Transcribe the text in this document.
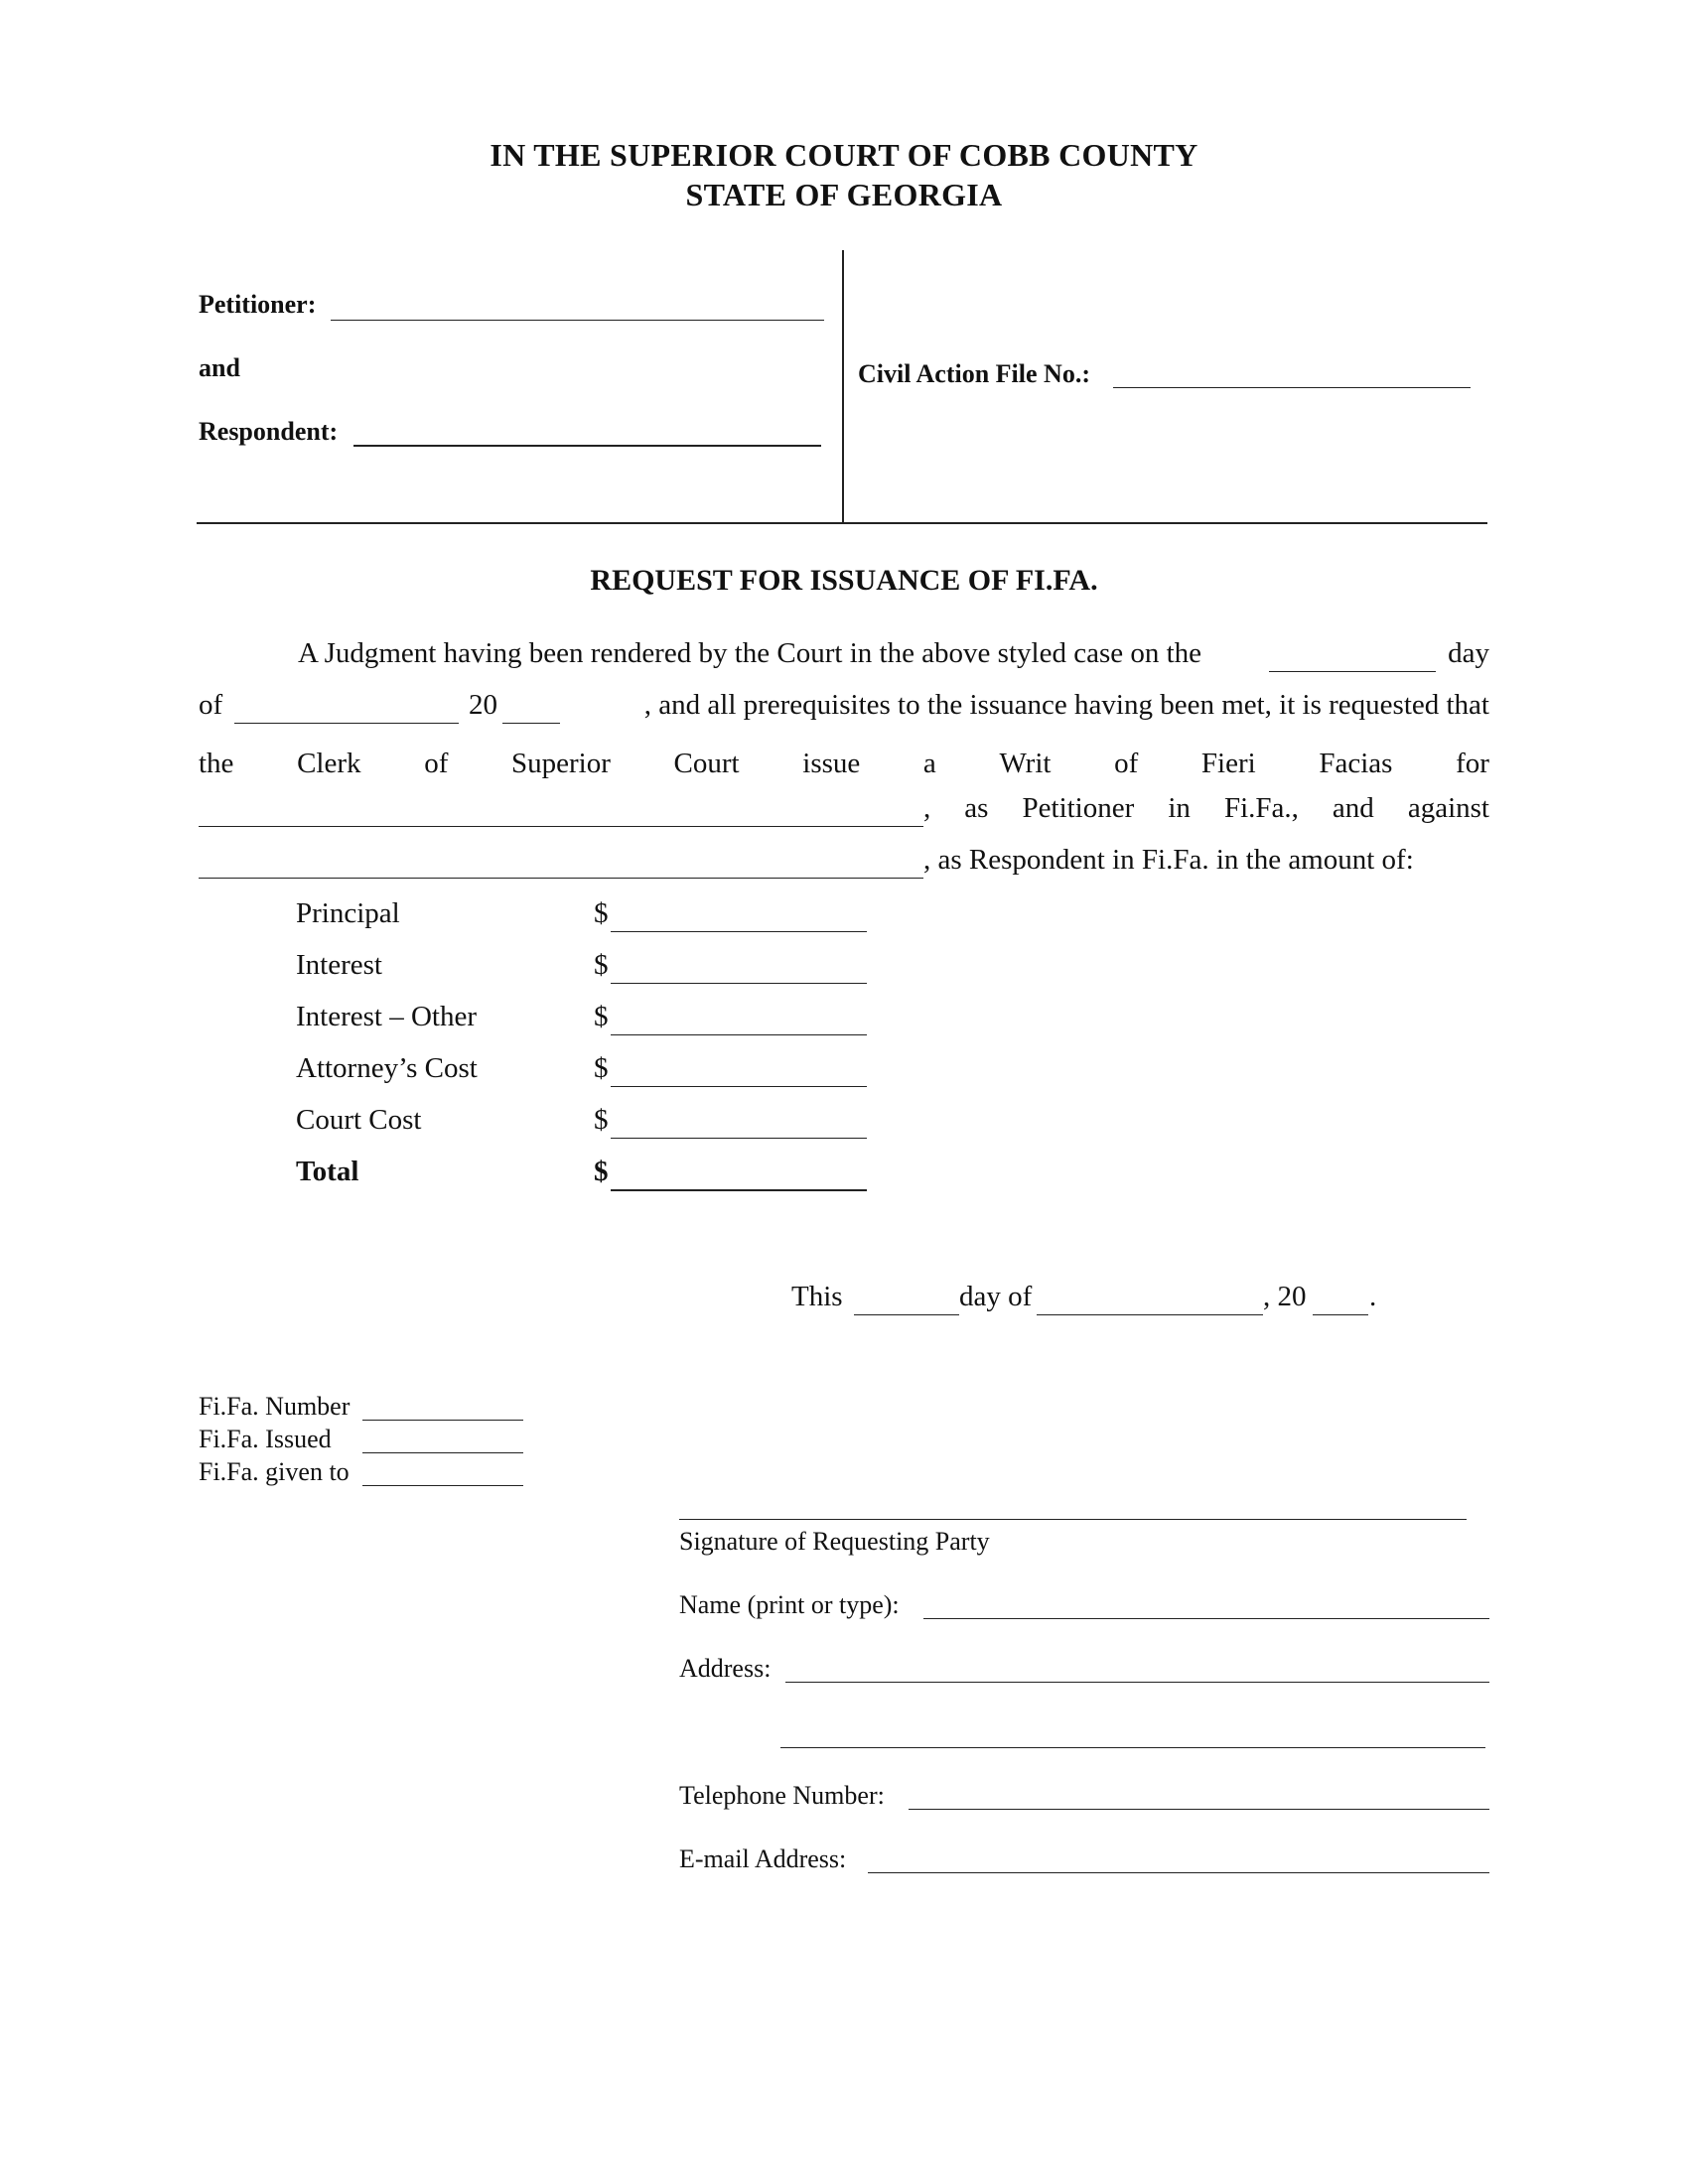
IN THE SUPERIOR COURT OF COBB COUNTY
STATE OF GEORGIA
Petitioner:
and
Respondent:
Civil Action File No.:
REQUEST FOR ISSUANCE OF FI.FA.
A Judgment having been rendered by the Court in the above styled case on the	day
of	20	, and all prerequisites to the issuance having been met, it is requested that
the Clerk of Superior Court issue a Writ of Fieri Facias for
, as Petitioner in Fi.Fa., and against
, as Respondent in Fi.Fa. in the amount of:
Principal	$
Interest	$
Interest – Other	$
Attorney’s Cost	$
Court Cost	$
Total	$
This	day of	, 20 .
Fi.Fa. Number
Fi.Fa. Issued
Fi.Fa. given to
Signature of Requesting Party
Name (print or type):
Address:
Telephone Number:
E-mail Address:
